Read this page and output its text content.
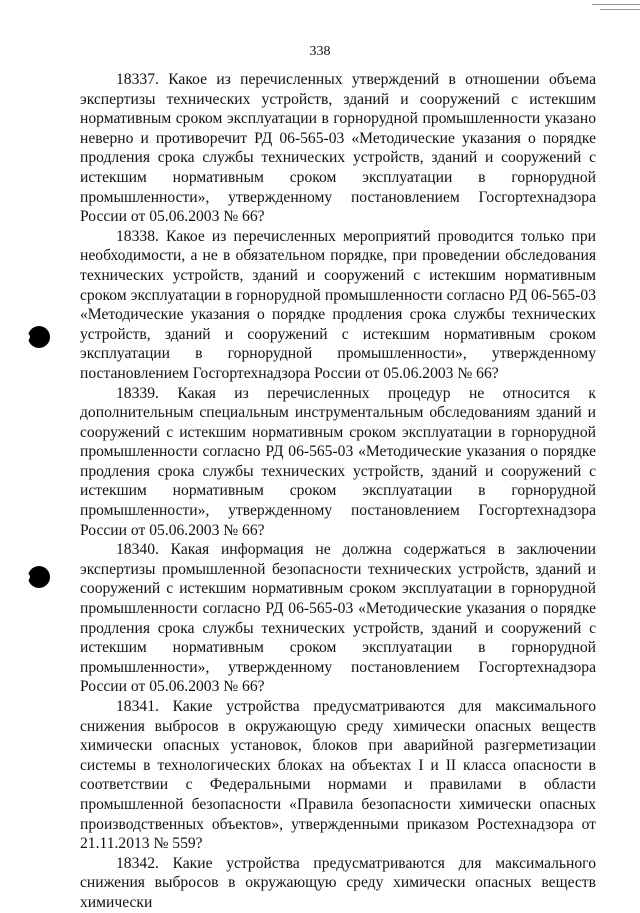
338

18337. Какое из перечисленных утверждений в отношении объема экспертизы технических устройств, зданий и сооружений с истекшим нормативным сроком эксплуатации в горнорудной промышленности указано неверно и противоречит РД 06-565-03 «Методические указания о порядке продления срока службы технических устройств, зданий и сооружений с истекшим нормативным сроком эксплуатации в горнорудной промышленности», утвержденному постановлением Госгортехнадзора России от 05.06.2003 № 66?

18338. Какое из перечисленных мероприятий проводится только при необходимости, а не в обязательном порядке, при проведении обследования технических устройств, зданий и сооружений с истекшим нормативным сроком эксплуатации в горнорудной промышленности согласно РД 06-565-03 «Методические указания о порядке продления срока службы технических устройств, зданий и сооружений с истекшим нормативным сроком эксплуатации в горнорудной промышленности», утвержденному постановлением Госгортехнадзора России от 05.06.2003 № 66?

18339. Какая из перечисленных процедур не относится к дополнительным специальным инструментальным обследованиям зданий и сооружений с истекшим нормативным сроком эксплуатации в горнорудной промышленности согласно РД 06-565-03 «Методические указания о порядке продления срока службы технических устройств, зданий и сооружений с истекшим нормативным сроком эксплуатации в горнорудной промышленности», утвержденному постановлением Госгортехнадзора России от 05.06.2003 № 66?

18340. Какая информация не должна содержаться в заключении экспертизы промышленной безопасности технических устройств, зданий и сооружений с истекшим нормативным сроком эксплуатации в горнорудной промышленности согласно РД 06-565-03 «Методические указания о порядке продления срока службы технических устройств, зданий и сооружений с истекшим нормативным сроком эксплуатации в горнорудной промышленности», утвержденному постановлением Госгортехнадзора России от 05.06.2003 № 66?

18341. Какие устройства предусматриваются для максимального снижения выбросов в окружающую среду химически опасных веществ химически опасных установок, блоков при аварийной разгерметизации системы в технологических блоках на объектах I и II класса опасности в соответствии с Федеральными нормами и правилами в области промышленной безопасности «Правила безопасности химически опасных производственных объектов», утвержденными приказом Ростехнадзора от 21.11.2013 № 559?

18342. Какие устройства предусматриваются для максимального снижения выбросов в окружающую среду химически опасных веществ химически
